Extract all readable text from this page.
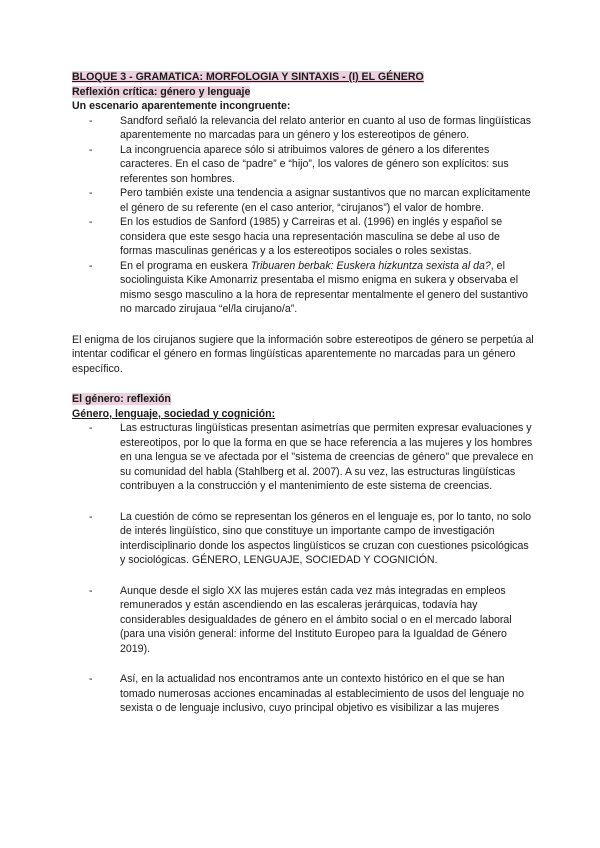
BLOQUE 3 - GRAMATICA: MORFOLOGIA Y SINTAXIS - (I) EL GÉNERO

Reflexión crítica: género y lenguaje

Un escenario aparentemente incongruente:

-	Sandford señaló la relevancia del relato anterior en cuanto al uso de formas lingüísticas aparentemente no marcadas para un género y los estereotipos de género.
-	La incongruencia aparece sólo si atribuimos valores de género a los diferentes caracteres. En el caso de “padre” e “hijo”, los valores de género son explícitos: sus referentes son hombres.
-	Pero también existe una tendencia a asignar sustantivos que no marcan explícitamente el género de su referente (en el caso anterior, “cirujanos”) el valor de hombre.
-	En los estudios de Sanford (1985) y Carreiras et al. (1996) en inglés y español se considera que este sesgo hacia una representación masculina se debe al uso de formas masculinas genéricas y a los estereotipos sociales o roles sexistas.
-	En el programa en euskera Tribuaren berbak: Euskera hizkuntza sexista al da?, el sociolinguista Kike Amonarriz presentaba el mismo enigma en sukera y observaba el mismo sesgo masculino a la hora de representar mentalmente el genero del sustantivo no marcado zirujaua “el/la cirujano/a”.

El enigma de los cirujanos sugiere que la información sobre estereotipos de género se perpetúa al intentar codificar el género en formas lingüísticas aparentemente no marcadas para un género específico.

El género: reflexión

Género, lenguaje, sociedad y cognición:

-	Las estructuras lingüísticas presentan asimetrías que permiten expresar evaluaciones y estereotipos, por lo que la forma en que se hace referencia a las mujeres y los hombres en una lengua se ve afectada por el "sistema de creencias de género" que prevalece en su comunidad del habla (Stahlberg et al. 2007). A su vez, las estructuras lingüísticas contribuyen a la construcción y el mantenimiento de este sistema de creencias.
-	La cuestión de cómo se representan los géneros en el lenguaje es, por lo tanto, no solo de interés lingüístico, sino que constituye un importante campo de investigación interdisciplinario donde los aspectos lingüísticos se cruzan con cuestiones psicológicas y sociológicas. GÉNERO, LENGUAJE, SOCIEDAD Y COGNICIÓN.
-	Aunque desde el siglo XX las mujeres están cada vez más integradas en empleos remunerados y están ascendiendo en las escaleras jerárquicas, todavía hay considerables desigualdades de género en el ámbito social o en el mercado laboral (para una visión general: informe del Instituto Europeo para la Igualdad de Género 2019).
-	Así, en la actualidad nos encontramos ante un contexto histórico en el que se han tomado numerosas acciones encaminadas al establecimiento de usos del lenguaje no sexista o de lenguaje inclusivo, cuyo principal objetivo es visibilizar a las mujeres
